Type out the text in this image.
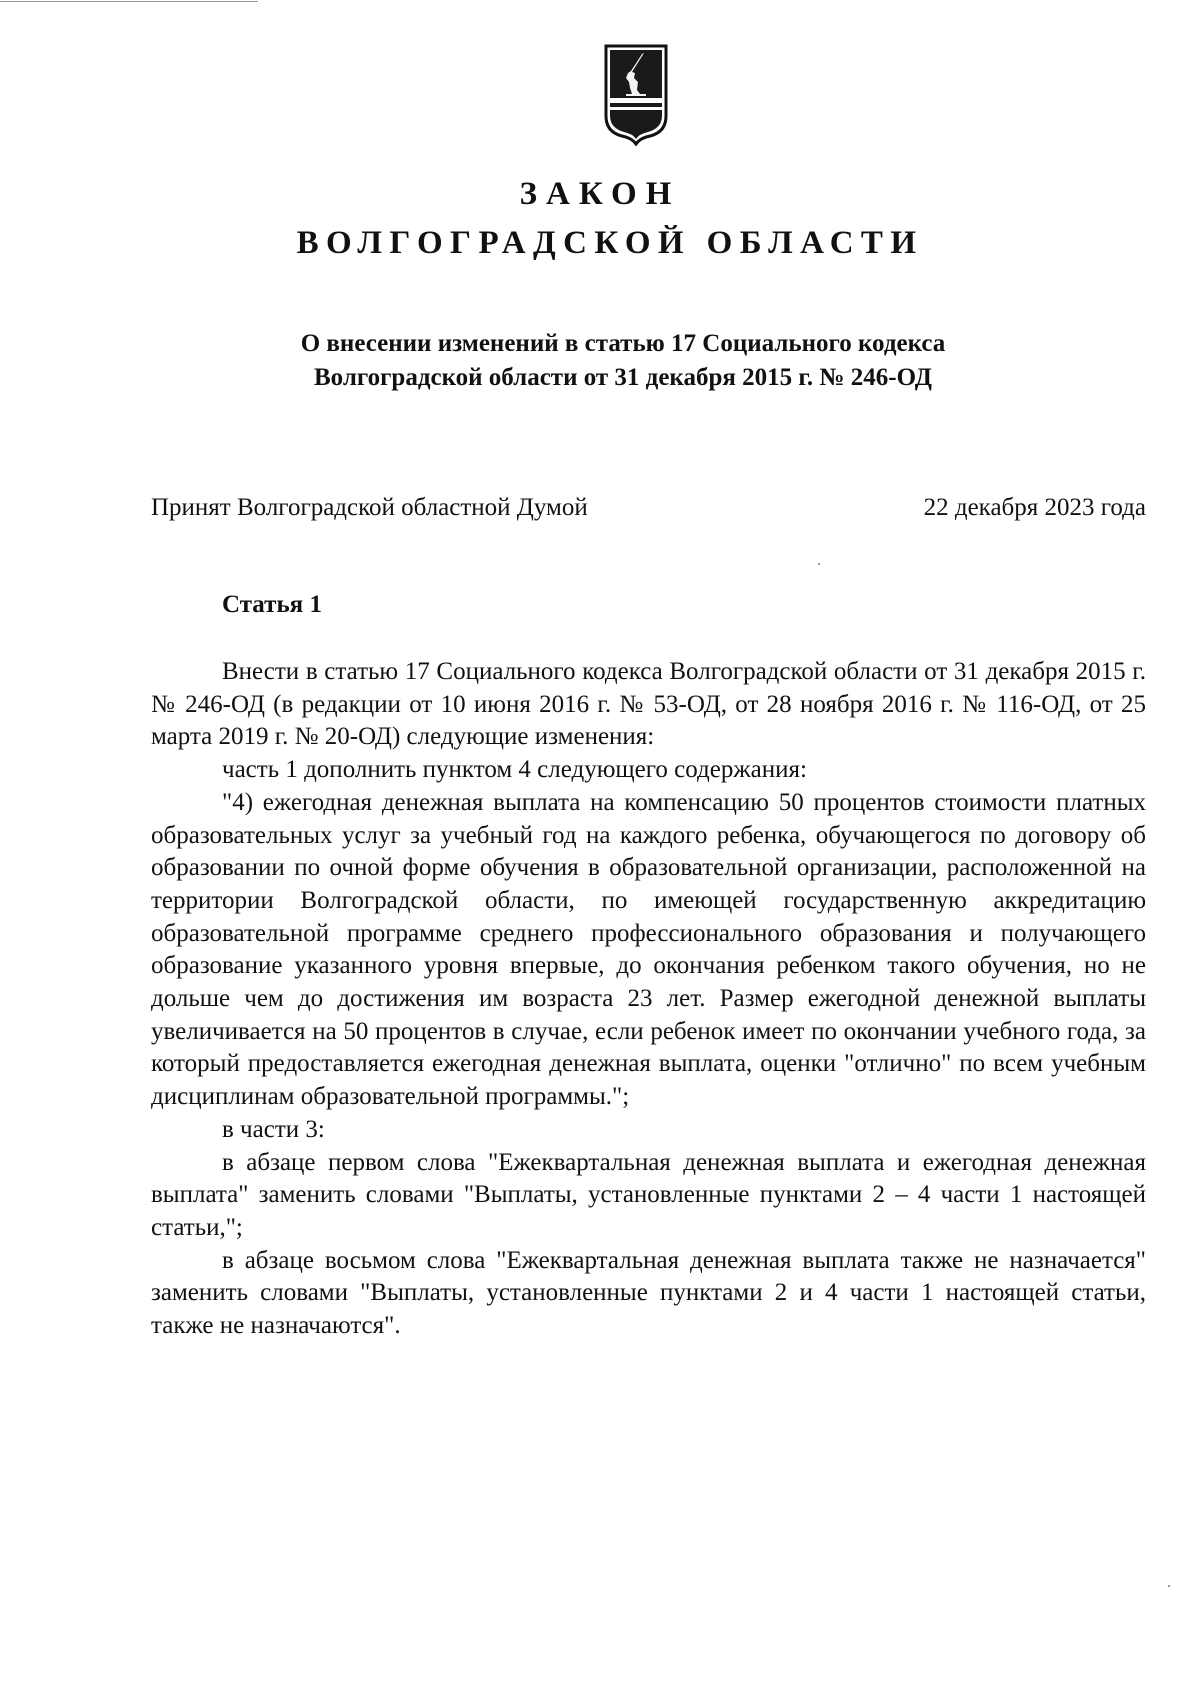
ЗАКОН
ВОЛГОГРАДСКОЙ ОБЛАСТИ
О внесении изменений в статью 17 Социального кодекса
Волгоградской области от 31 декабря 2015 г. № 246-ОД
Принят Волгоградской областной Думой	22 декабря 2023 года
Статья 1

Внести в статью 17 Социального кодекса Волгоградской области от 31 декабря 2015 г. № 246-ОД (в редакции от 10 июня 2016 г. № 53-ОД, от 28 ноября 2016 г. № 116-ОД, от 25 марта 2019 г. № 20-ОД) следующие изменения:

часть 1 дополнить пунктом 4 следующего содержания:

"4) ежегодная денежная выплата на компенсацию 50 процентов стоимости платных образовательных услуг за учебный год на каждого ребенка, обучающегося по договору об образовании по очной форме обучения в образовательной организации, расположенной на территории Волгоградской области, по имеющей государственную аккредитацию образовательной программе среднего профессионального образования и получающего образование указанного уровня впервые, до окончания ребенком такого обучения, но не дольше чем до достижения им возраста 23 лет. Размер ежегодной денежной выплаты увеличивается на 50 процентов в случае, если ребенок имеет по окончании учебного года, за который предоставляется ежегодная денежная выплата, оценки "отлично" по всем учебным дисциплинам образовательной программы.";

в части 3:

в абзаце первом слова "Ежеквартальная денежная выплата и ежегодная денежная выплата" заменить словами "Выплаты, установленные пунктами 2 – 4 части 1 настоящей статьи,";

в абзаце восьмом слова "Ежеквартальная денежная выплата также не назначается" заменить словами "Выплаты, установленные пунктами 2 и 4 части 1 настоящей статьи, также не назначаются".
